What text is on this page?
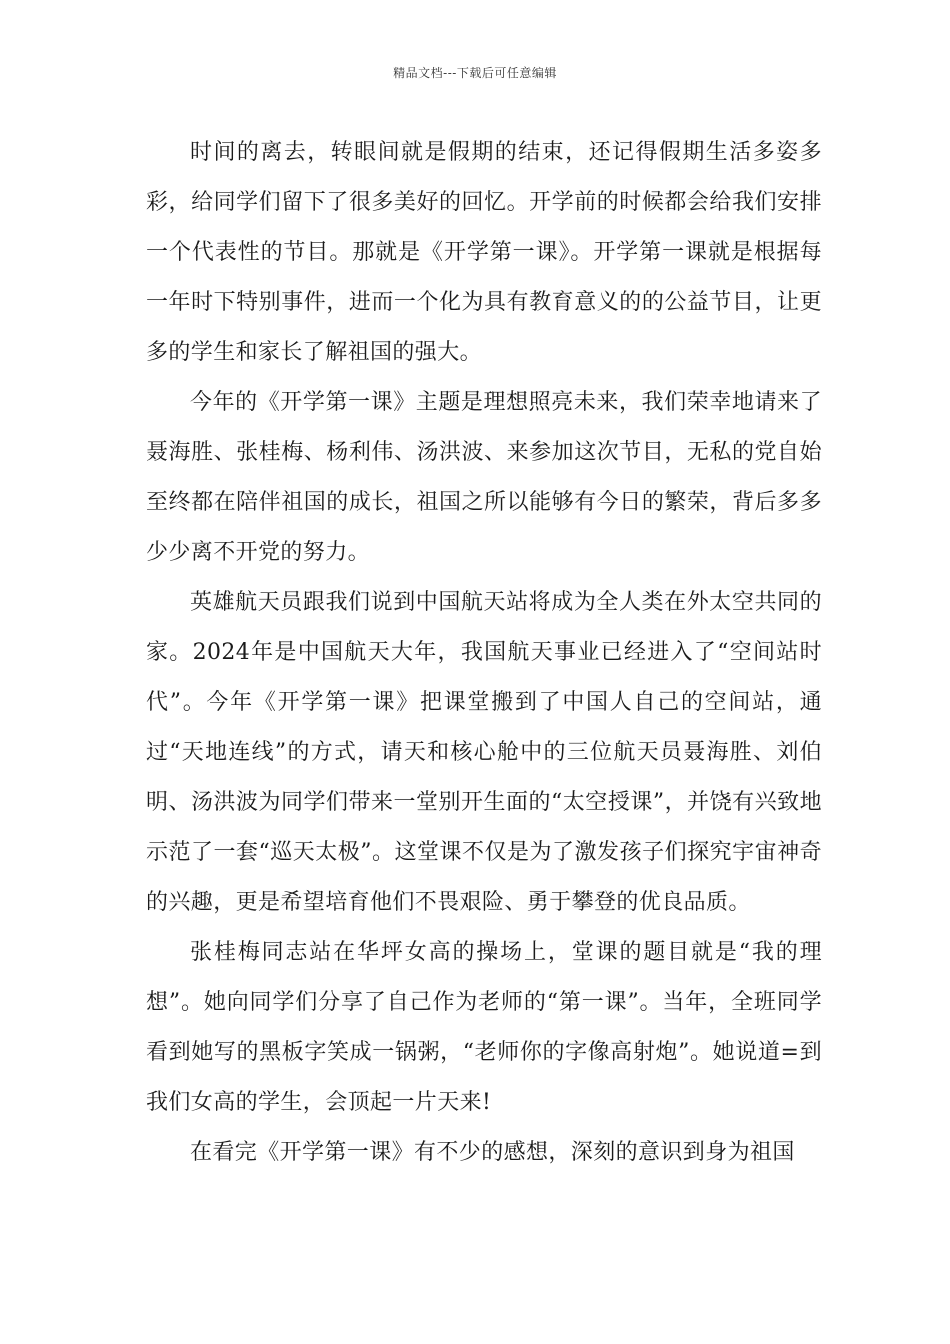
精品文档---下载后可任意编辑

时间的离去，转眼间就是假期的结束，还记得假期生活多姿多彩，给同学们留下了很多美好的回忆。开学前的时候都会给我们安排一个代表性的节目。那就是《开学第一课》。开学第一课就是根据每一年时下特别事件，进而一个化为具有教育意义的的公益节目，让更多的学生和家长了解祖国的强大。

今年的《开学第一课》主题是理想照亮未来，我们荣幸地请来了聂海胜、张桂梅、杨利伟、汤洪波、来参加这次节目，无私的党自始至终都在陪伴祖国的成长，祖国之所以能够有今日的繁荣，背后多多少少离不开党的努力。

英雄航天员跟我们说到中国航天站将成为全人类在外太空共同的家。2024年是中国航天大年，我国航天事业已经进入了“空间站时代”。今年《开学第一课》把课堂搬到了中国人自己的空间站，通过“天地连线”的方式，请天和核心舱中的三位航天员聂海胜、刘伯明、汤洪波为同学们带来一堂别开生面的“太空授课”，并饶有兴致地示范了一套“巡天太极”。这堂课不仅是为了激发孩子们探究宇宙神奇的兴趣，更是希望培育他们不畏艰险、勇于攀登的优良品质。

张桂梅同志站在华坪女高的操场上，堂课的题目就是“我的理想”。她向同学们分享了自己作为老师的“第一课”。当年，全班同学看到她写的黑板字笑成一锅粥，“老师你的字像高射炮”。她说道=到我们女高的学生，会顶起一片天来!

在看完《开学第一课》有不少的感想，深刻的意识到身为祖国
